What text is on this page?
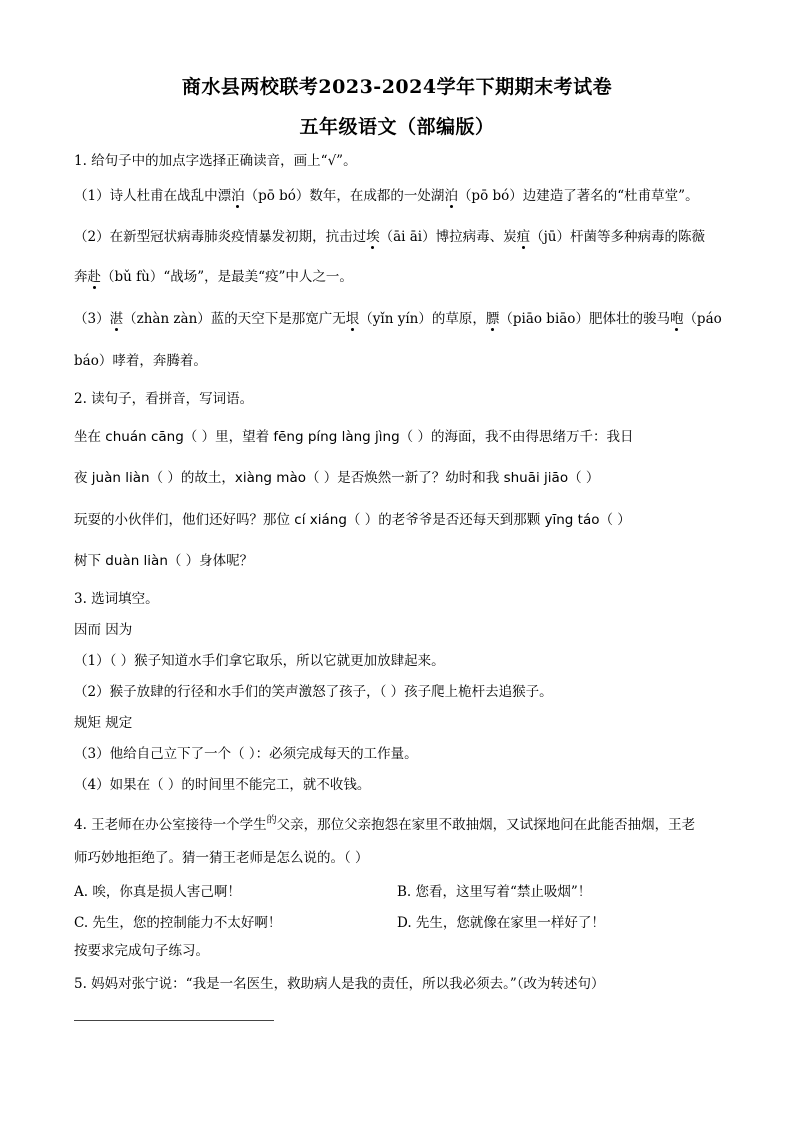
商水县两校联考2023-2024学年下期期末考试卷
五年级语文（部编版）
1. 给句子中的加点字选择正确读音，画上“√”。
（1）诗人杜甫在战乱中漂泊（pō bó）数年，在成都的一处湖泊（pō bó）边建造了著名的“杜甫草堂”。
（2）在新型冠状病毒肺炎疫情暴发初期，抗击过埃（āi āi）博拉病毒、炭疽（jū）杆菌等多种病毒的陈薇
奔赴（bǔ fù）“战场”，是最美“疫”中人之一。
（3）湛（zhàn zàn）蓝的天空下是那宽广无垠（yǐn yín）的草原，膘（piāo biāo）肥体壮的骏马咆（páo
báo）哮着，奔腾着。
2. 读句子，看拼音，写词语。
坐在 chuán cāng（ ）里，望着 fēng píng làng jìng（ ）的海面，我不由得思绪万千：我日
夜 juàn liàn（ ）的故土，xiàng mào（ ）是否焕然一新了？幼时和我 shuāi jiāo（ ）
玩耍的小伙伴们，他们还好吗？那位 cí xiáng（ ）的老爷爷是否还每天到那颗 yīng táo（ ）
树下 duàn liàn（ ）身体呢？
3. 选词填空。
因而 因为
（1）（ ）猴子知道水手们拿它取乐，所以它就更加放肆起来。
（2）猴子放肆的行径和水手们的笑声激怒了孩子，（ ）孩子爬上桅杆去追猴子。
规矩 规定
（3）他给自己立下了一个（ ）：必须完成每天的工作量。
（4）如果在（ ）的时间里不能完工，就不收钱。
4. 王老师在办公室接待一个学生$^的$父亲，那位父亲抱怨在家里不敢抽烟，又试探地问在此能否抽烟，王老
师巧妙地拒绝了。猜一猜王老师是怎么说的。（ ）
A. 唉，你真是损人害己啊！	B. 您看，这里写着“禁止吸烟”！
C. 先生，您的控制能力不太好啊！	D. 先生，您就像在家里一样好了！
按要求完成句子练习。
5. 妈妈对张宁说：“我是一名医生，救助病人是我的责任，所以我必须去。”（改为转述句）
